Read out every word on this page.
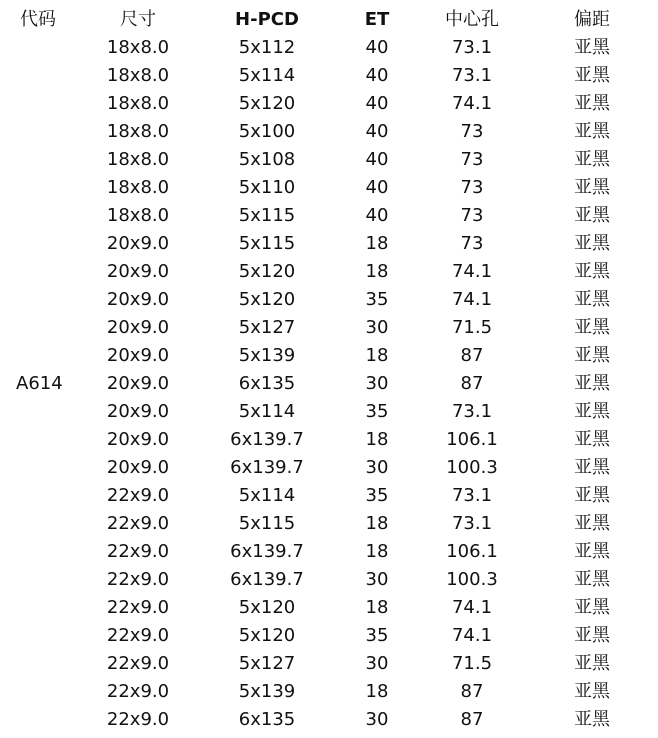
代码	尺寸	H-PCD	ET	中心孔	偏距
	18x8.0	5x112	40	73.1	亚黑
	18x8.0	5x114	40	73.1	亚黑
	18x8.0	5x120	40	74.1	亚黑
	18x8.0	5x100	40	73	亚黑
	18x8.0	5x108	40	73	亚黑
	18x8.0	5x110	40	73	亚黑
	18x8.0	5x115	40	73	亚黑
	20x9.0	5x115	18	73	亚黑
	20x9.0	5x120	18	74.1	亚黑
	20x9.0	5x120	35	74.1	亚黑
	20x9.0	5x127	30	71.5	亚黑
	20x9.0	5x139	18	87	亚黑
A614	20x9.0	6x135	30	87	亚黑
	20x9.0	5x114	35	73.1	亚黑
	20x9.0	6x139.7	18	106.1	亚黑
	20x9.0	6x139.7	30	100.3	亚黑
	22x9.0	5x114	35	73.1	亚黑
	22x9.0	5x115	18	73.1	亚黑
	22x9.0	6x139.7	18	106.1	亚黑
	22x9.0	6x139.7	30	100.3	亚黑
	22x9.0	5x120	18	74.1	亚黑
	22x9.0	5x120	35	74.1	亚黑
	22x9.0	5x127	30	71.5	亚黑
	22x9.0	5x139	18	87	亚黑
	22x9.0	6x135	30	87	亚黑
